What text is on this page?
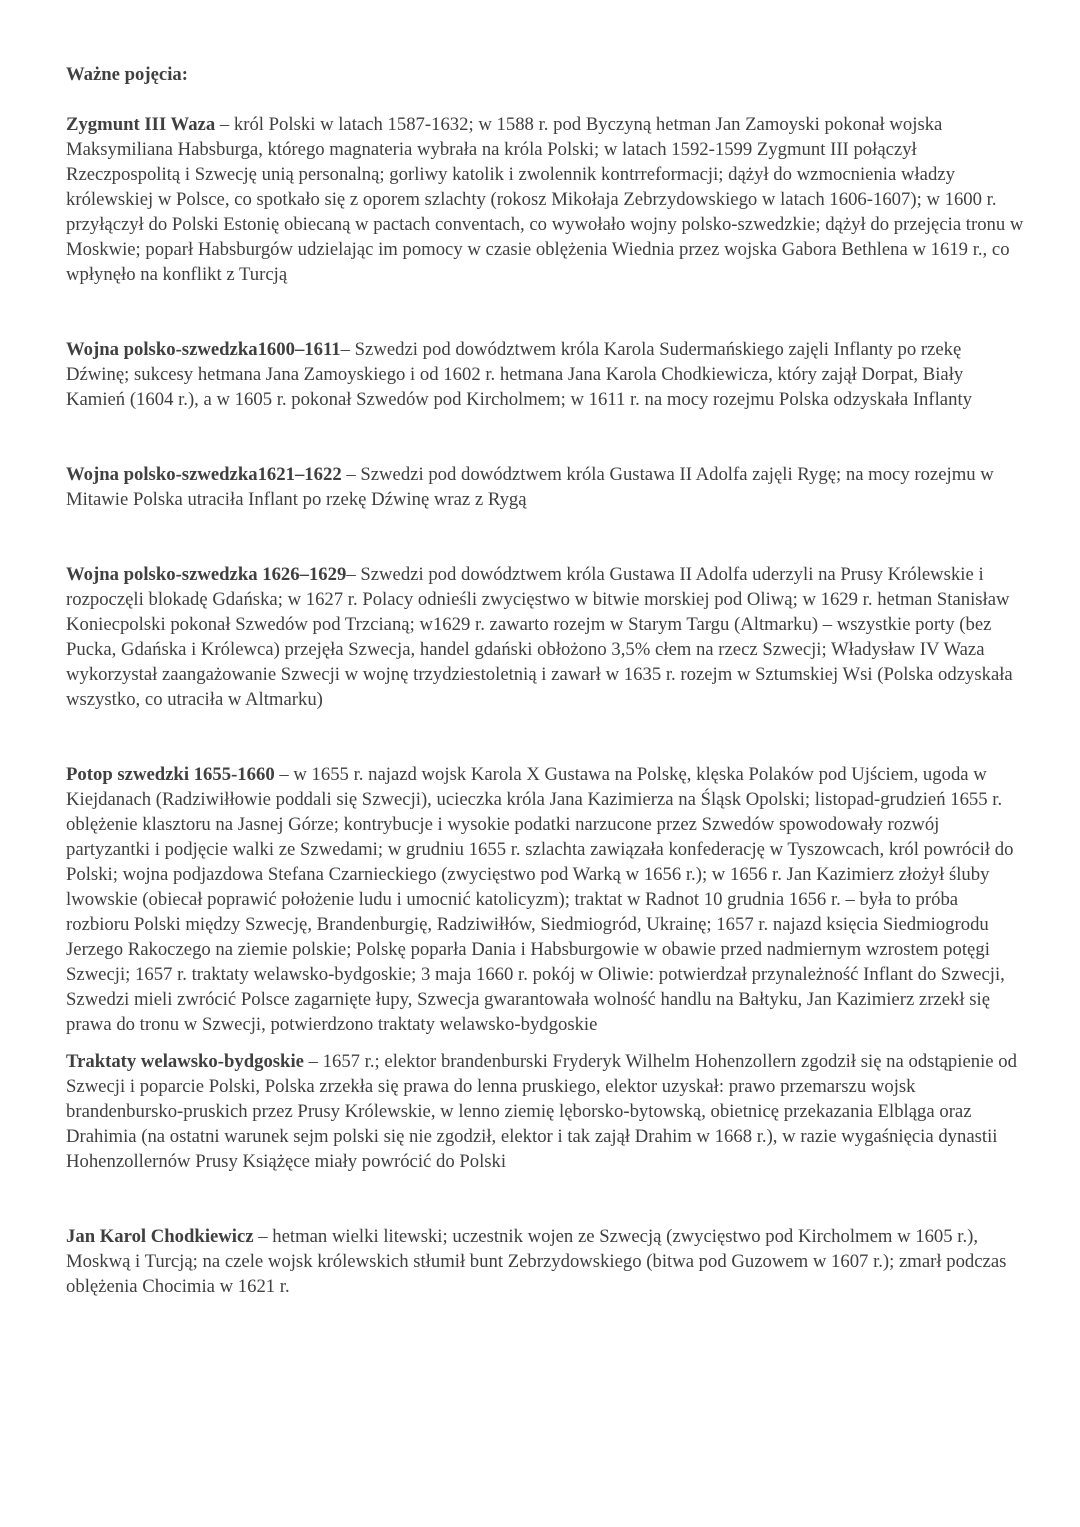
Ważne pojęcia:

Zygmunt III Waza – król Polski w latach 1587-1632; w 1588 r. pod Byczyną hetman Jan Zamoyski pokonał wojska Maksymiliana Habsburga, którego magnateria wybrała na króla Polski; w latach 1592-1599 Zygmunt III połączył Rzeczpospolitą i Szwecję unią personalną; gorliwy katolik i zwolennik kontrreformacji; dążył do wzmocnienia władzy królewskiej w Polsce, co spotkało się z oporem szlachty (rokosz Mikołaja Zebrzydowskiego w latach 1606-1607); w 1600 r. przyłączył do Polski Estonię obiecaną w pactach conventach, co wywołało wojny polsko-szwedzkie; dążył do przejęcia tronu w Moskwie; poparł Habsburgów udzielając im pomocy w czasie oblężenia Wiednia przez wojska Gabora Bethlena w 1619 r., co wpłynęło na konflikt z Turcją

Wojna polsko-szwedzka1600–1611– Szwedzi pod dowództwem króla Karola Sudermańskiego zajęli Inflanty po rzekę Dźwinę; sukcesy hetmana Jana Zamoyskiego i od 1602 r. hetmana Jana Karola Chodkiewicza, który zajął Dorpat, Biały Kamień (1604 r.), a w 1605 r. pokonał Szwedów pod Kircholmem; w 1611 r. na mocy rozejmu Polska odzyskała Inflanty

Wojna polsko-szwedzka1621–1622 – Szwedzi pod dowództwem króla Gustawa II Adolfa zajęli Rygę; na mocy rozejmu w Mitawie Polska utraciła Inflant po rzekę Dźwinę wraz z Rygą

Wojna polsko-szwedzka 1626–1629– Szwedzi pod dowództwem króla Gustawa II Adolfa uderzyli na Prusy Królewskie i rozpoczęli blokadę Gdańska; w 1627 r. Polacy odnieśli zwycięstwo w bitwie morskiej pod Oliwą; w 1629 r. hetman Stanisław Koniecpolski pokonał Szwedów pod Trzcianą; w1629 r. zawarto rozejm w Starym Targu (Altmarku) – wszystkie porty (bez Pucka, Gdańska i Królewca) przejęła Szwecja, handel gdański obłożono 3,5% cłem na rzecz Szwecji; Władysław IV Waza wykorzystał zaangażowanie Szwecji w wojnę trzydziestoletnią i zawarł w 1635 r. rozejm w Sztumskiej Wsi (Polska odzyskała wszystko, co utraciła w Altmarku)

Potop szwedzki 1655-1660 – w 1655 r. najazd wojsk Karola X Gustawa na Polskę, klęska Polaków pod Ujściem, ugoda w Kiejdanach (Radziwiłłowie poddali się Szwecji), ucieczka króla Jana Kazimierza na Śląsk Opolski; listopad-grudzień 1655 r. oblężenie klasztoru na Jasnej Górze; kontrybucje i wysokie podatki narzucone przez Szwedów spowodowały rozwój partyzantki i podjęcie walki ze Szwedami; w grudniu 1655 r. szlachta zawiązała konfederację w Tyszowcach, król powrócił do Polski; wojna podjazdowa Stefana Czarnieckiego (zwycięstwo pod Warką w 1656 r.); w 1656 r. Jan Kazimierz złożył śluby lwowskie (obiecał poprawić położenie ludu i umocnić katolicyzm); traktat w Radnot 10 grudnia 1656 r. – była to próba rozbioru Polski między Szwecję, Brandenburgię, Radziwiłłów, Siedmiogród, Ukrainę; 1657 r. najazd księcia Siedmiogrodu Jerzego Rakoczego na ziemie polskie; Polskę poparła Dania i Habsburgowie w obawie przed nadmiernym wzrostem potęgi Szwecji; 1657 r. traktaty welawsko-bydgoskie; 3 maja 1660 r. pokój w Oliwie: potwierdzał przynależność Inflant do Szwecji, Szwedzi mieli zwrócić Polsce zagarnięte łupy, Szwecja gwarantowała wolność handlu na Bałtyku, Jan Kazimierz zrzekł się prawa do tronu w Szwecji, potwierdzono traktaty welawsko-bydgoskie

Traktaty welawsko-bydgoskie – 1657 r.; elektor brandenburski Fryderyk Wilhelm Hohenzollern zgodził się na odstąpienie od Szwecji i poparcie Polski, Polska zrzekła się prawa do lenna pruskiego, elektor uzyskał: prawo przemarszu wojsk brandenbursko-pruskich przez Prusy Królewskie, w lenno ziemię lęborsko-bytowską, obietnicę przekazania Elbląga oraz Drahimia (na ostatni warunek sejm polski się nie zgodził, elektor i tak zajął Drahim w 1668 r.), w razie wygaśnięcia dynastii Hohenzollernów Prusy Książęce miały powrócić do Polski

Jan Karol Chodkiewicz – hetman wielki litewski; uczestnik wojen ze Szwecją (zwycięstwo pod Kircholmem w 1605 r.), Moskwą i Turcją; na czele wojsk królewskich stłumił bunt Zebrzydowskiego (bitwa pod Guzowem w 1607 r.); zmarł podczas oblężenia Chocimia w 1621 r.
